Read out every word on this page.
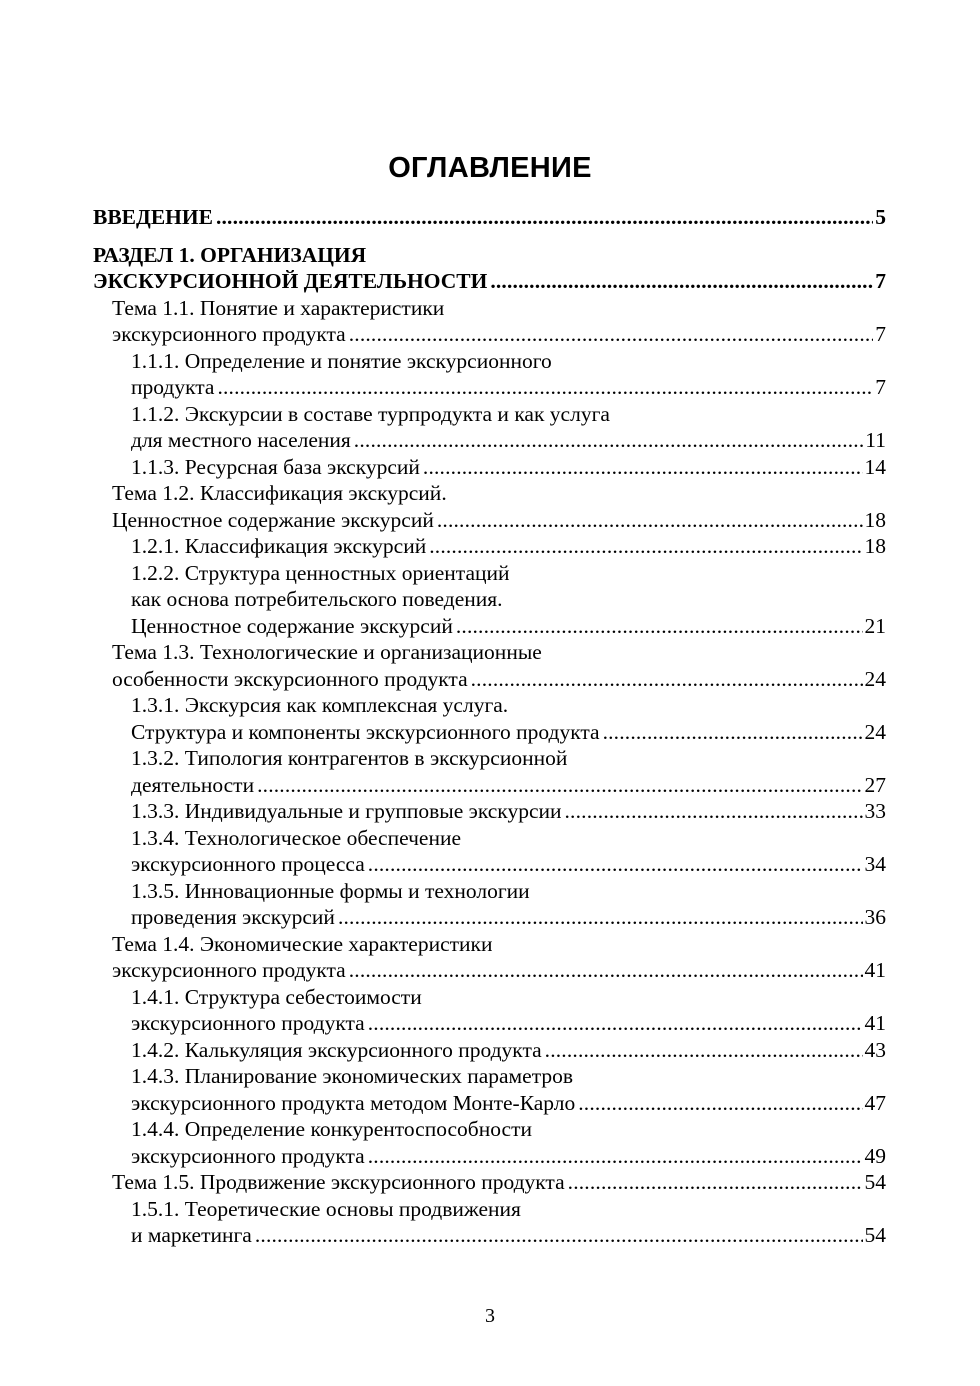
ОГЛАВЛЕНИЕ
ВВЕДЕНИЕ . . .	5
РАЗДЕЛ 1. ОРГАНИЗАЦИЯ
ЭКСКУРСИОННОЙ ДЕЯТЕЛЬНОСТИ . . .	7
Тема 1.1. Понятие и характеристики
экскурсионного продукта . . .	7
1.1.1. Определение и понятие экскурсионного
продукта . . .	7
1.1.2. Экскурсии в составе турпродукта и как услуга
для местного населения . . .	11
1.1.3. Ресурсная база экскурсий . . .	14
Тема 1.2. Классификация экскурсий.
Ценностное содержание экскурсий . . .	18
1.2.1. Классификация экскурсий . . .	18
1.2.2. Структура ценностных ориентаций
как основа потребительского поведения.
Ценностное содержание экскурсий . . .	21
Тема 1.3. Технологические и организационные
особенности экскурсионного продукта . . .	24
1.3.1. Экскурсия как комплексная услуга.
Структура и компоненты экскурсионного продукта . . .	24
1.3.2. Типология контрагентов в экскурсионной
деятельности . . .	27
1.3.3. Индивидуальные и групповые экскурсии . . .	33
1.3.4. Технологическое обеспечение
экскурсионного процесса . . .	34
1.3.5. Инновационные формы и технологии
проведения экскурсий . . .	36
Тема 1.4. Экономические характеристики
экскурсионного продукта . . .	41
1.4.1. Структура себестоимости
экскурсионного продукта . . .	41
1.4.2. Калькуляция экскурсионного продукта . . .	43
1.4.3. Планирование экономических параметров
экскурсионного продукта методом Монте-Карло . . .	47
1.4.4. Определение конкурентоспособности
экскурсионного продукта . . .	49
Тема 1.5. Продвижение экскурсионного продукта . . .	54
1.5.1. Теоретические основы продвижения
и маркетинга . . .	54
3
